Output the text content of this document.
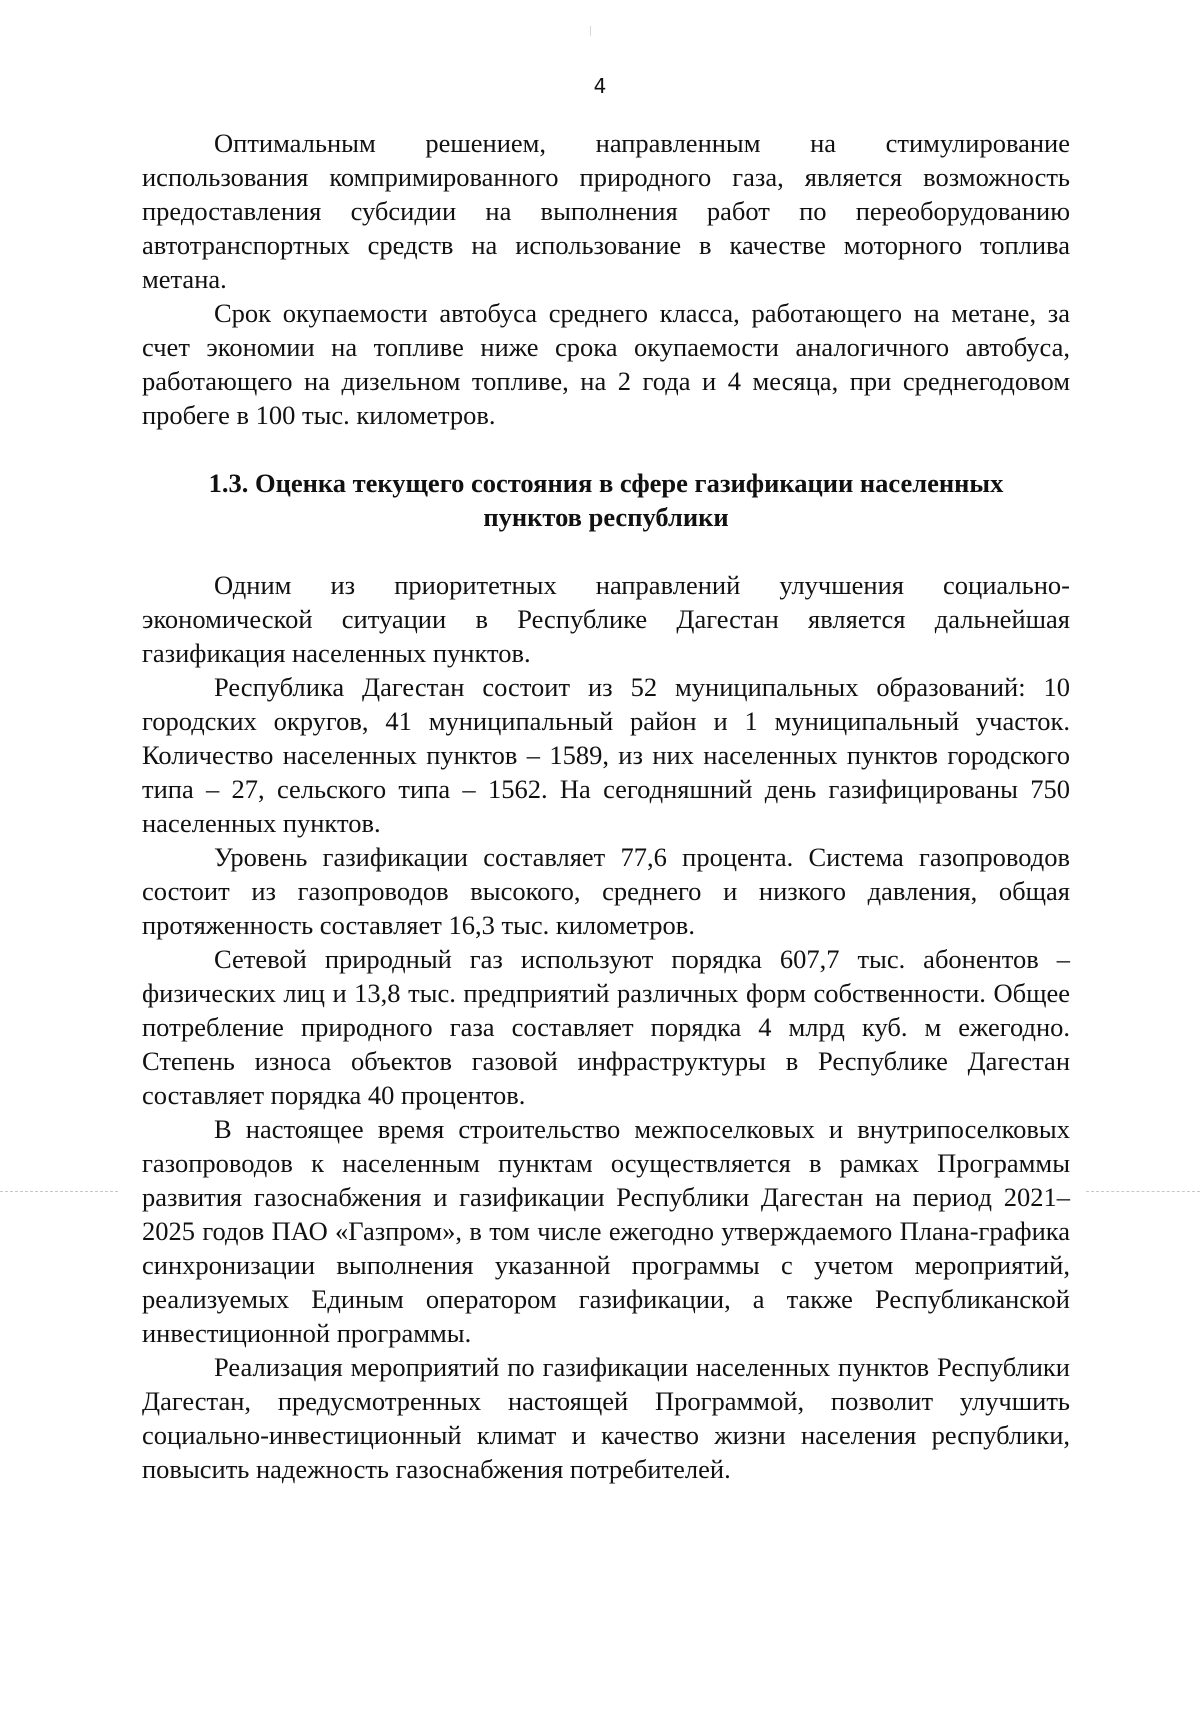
4

Оптимальным решением, направленным на стимулирование использования компримированного природного газа, является возможность предоставления субсидии на выполнения работ по переоборудованию автотранспортных средств на использование в качестве моторного топлива метана.

Срок окупаемости автобуса среднего класса, работающего на метане, за счет экономии на топливе ниже срока окупаемости аналогичного автобуса, работающего на дизельном топливе, на 2 года и 4 месяца, при среднегодовом пробеге в 100 тыс. километров.

1.3. Оценка текущего состояния в сфере газификации населенных пунктов республики

Одним из приоритетных направлений улучшения социально-экономической ситуации в Республике Дагестан является дальнейшая газификация населенных пунктов.

Республика Дагестан состоит из 52 муниципальных образований: 10 городских округов, 41 муниципальный район и 1 муниципальный участок. Количество населенных пунктов – 1589, из них населенных пунктов городского типа – 27, сельского типа – 1562. На сегодняшний день газифицированы 750 населенных пунктов.

Уровень газификации составляет 77,6 процента. Система газопроводов состоит из газопроводов высокого, среднего и низкого давления, общая протяженность составляет 16,3 тыс. километров.

Сетевой природный газ используют порядка 607,7 тыс. абонентов – физических лиц и 13,8 тыс. предприятий различных форм собственности. Общее потребление природного газа составляет порядка 4 млрд куб. м ежегодно. Степень износа объектов газовой инфраструктуры в Республике Дагестан составляет порядка 40 процентов.

В настоящее время строительство межпоселковых и внутрипоселковых газопроводов к населенным пунктам осуществляется в рамках Программы развития газоснабжения и газификации Республики Дагестан на период 2021–2025 годов ПАО «Газпром», в том числе ежегодно утверждаемого Плана-графика синхронизации выполнения указанной программы с учетом мероприятий, реализуемых Единым оператором газификации, а также Республиканской инвестиционной программы.

Реализация мероприятий по газификации населенных пунктов Республики Дагестан, предусмотренных настоящей Программой, позволит улучшить социально-инвестиционный климат и качество жизни населения республики, повысить надежность газоснабжения потребителей.
